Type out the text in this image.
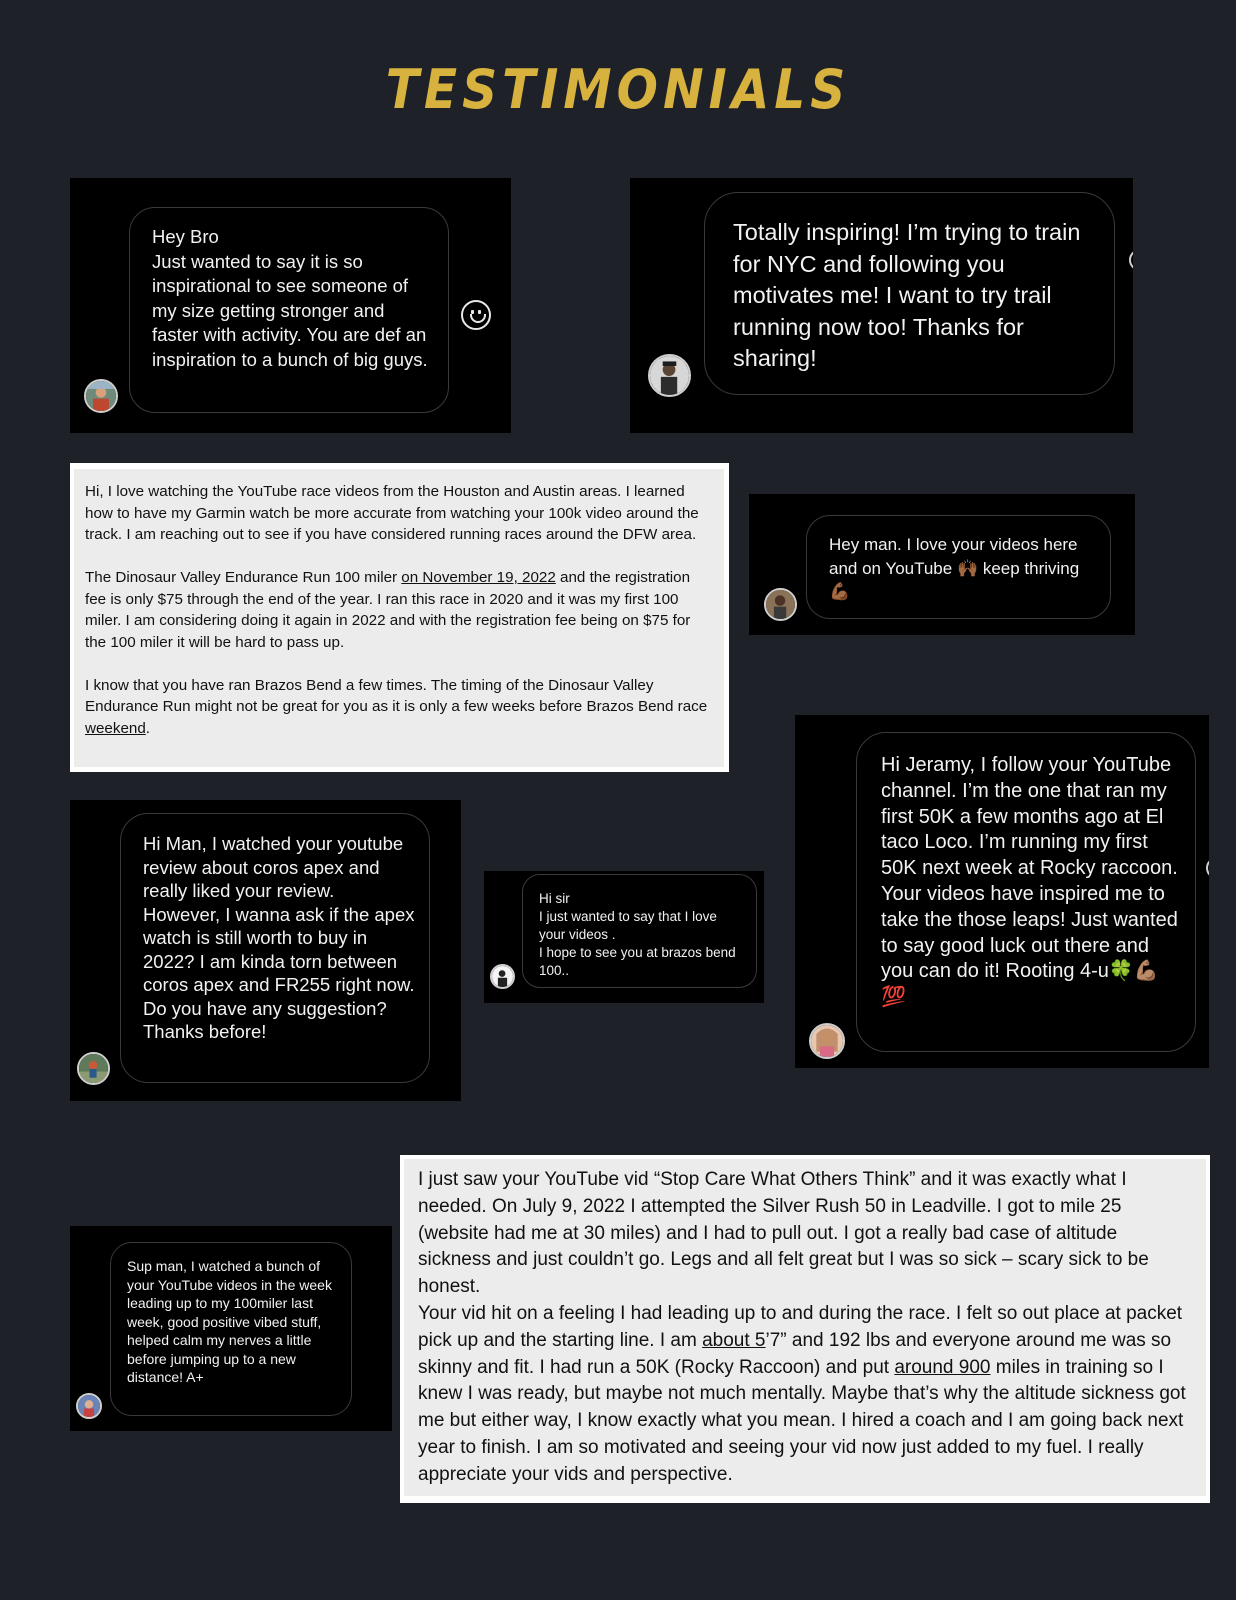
TESTIMONIALS
Hey Bro
Just wanted to say it is so inspirational to see someone of my size getting stronger and faster with activity. You are def an inspiration to a bunch of big guys.
Totally inspiring! I’m trying to train for NYC and following you motivates me! I want to try trail running now too! Thanks for sharing!

Hi, I love watching the YouTube race videos from the Houston and Austin areas. I learned how to have my Garmin watch be more accurate from watching your 100k video around the track. I am reaching out to see if you have considered running races around the DFW area.

The Dinosaur Valley Endurance Run 100 miler on November 19, 2022 and the registration fee is only $75 through the end of the year. I ran this race in 2020 and it was my first 100 miler. I am considering doing it again in 2022 and with the registration fee being on $75 for the 100 miler it will be hard to pass up.

I know that you have ran Brazos Bend a few times. The timing of the Dinosaur Valley Endurance Run might not be great for you as it is only a few weeks before Brazos Bend race weekend.

Hey man. I love your videos here and on YouTube 🙌🏾 keep thriving 💪🏾
Hi Jeramy, I follow your YouTube channel. I’m the one that ran my first 50K a few months ago at El taco Loco. I’m running my first 50K next week at Rocky raccoon. Your videos have inspired me to take the those leaps! Just wanted to say good luck out there and you can do it! Rooting 4-u🍀💪🏽💯
Hi Man, I watched your youtube review about coros apex and really liked your review. However, I wanna ask if the apex watch is still worth to buy in 2022? I am kinda torn between coros apex and FR255 right now. Do you have any suggestion? Thanks before!
Hi sir
I just wanted to say that I love your videos .
I hope to see you at brazos bend 100..
Sup man, I watched a bunch of your YouTube videos in the week leading up to my 100miler last week, good positive vibed stuff, helped calm my nerves a little before jumping up to a new distance! A+

I just saw your YouTube vid “Stop Care What Others Think” and it was exactly what I needed. On July 9, 2022 I attempted the Silver Rush 50 in Leadville. I got to mile 25 (website had me at 30 miles) and I had to pull out. I got a really bad case of altitude sickness and just couldn’t go. Legs and all felt great but I was so sick – scary sick to be honest.

Your vid hit on a feeling I had leading up to and during the race. I felt so out place at packet pick up and the starting line. I am about 5’7” and 192 lbs and everyone around me was so skinny and fit. I had run a 50K (Rocky Raccoon) and put around 900 miles in training so I knew I was ready, but maybe not much mentally. Maybe that’s why the altitude sickness got me but either way, I know exactly what you mean. I hired a coach and I am going back next year to finish. I am so motivated and seeing your vid now just added to my fuel. I really appreciate your vids and perspective.
